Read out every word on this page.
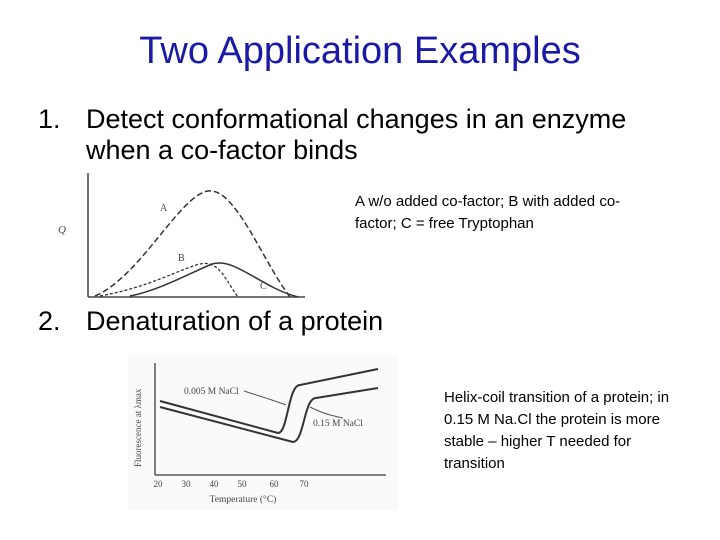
Two Application Examples
1. Detect conformational changes in an enzyme when a co-factor binds
Q
A
B
C
A w/o added co-factor; B with added co-factor; C = free Tryptophan
2. Denaturation of a protein
0.005 M NaCl
0.15 M NaCl
Fluorescence at λmax
20 30 40 50	60 70
Temperature (°C)
Helix-coil transition of a protein; in 0.15 M Na.Cl the protein is more stable – higher T needed for transition
